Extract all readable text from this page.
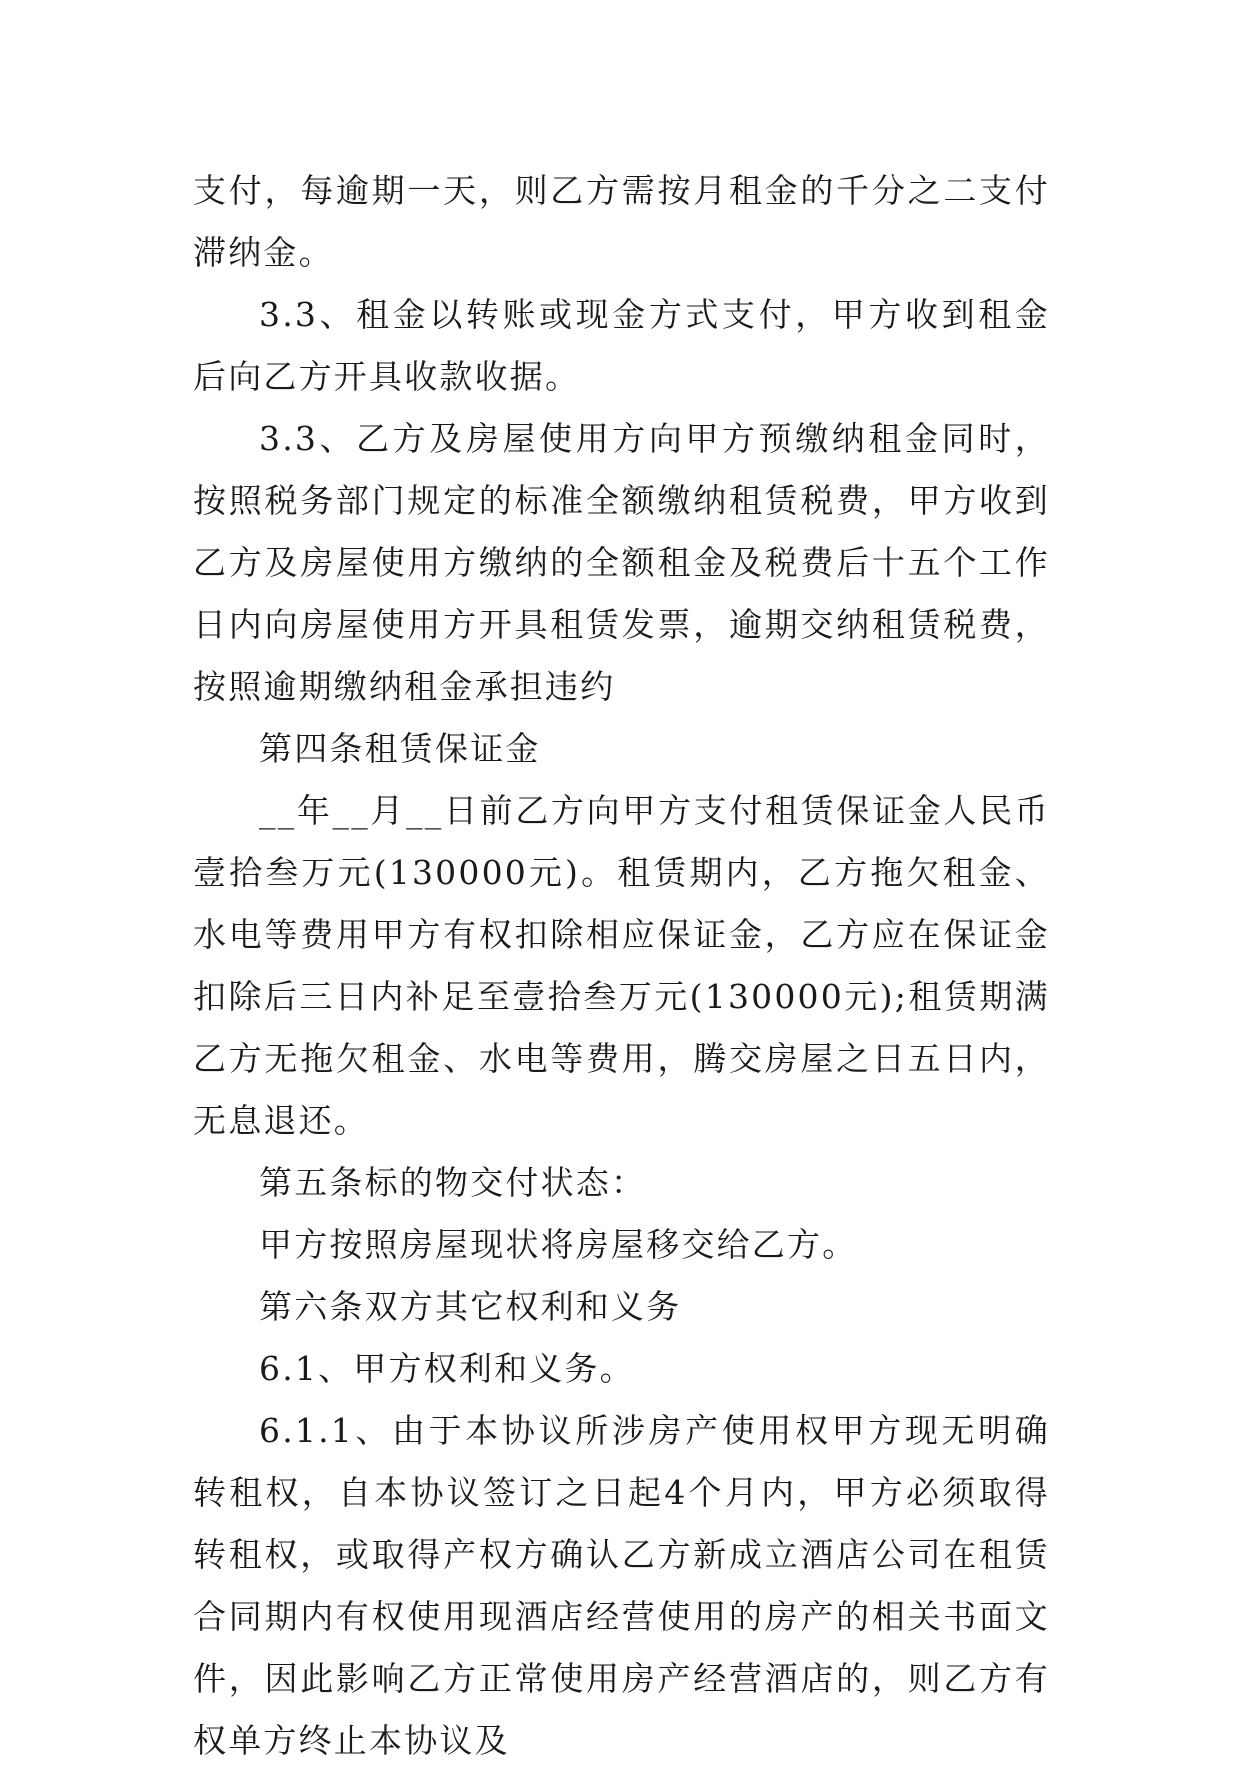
支付，每逾期一天，则乙方需按月租金的千分之二支付滞纳金。

3.3、租金以转账或现金方式支付，甲方收到租金后向乙方开具收款收据。

3.3、乙方及房屋使用方向甲方预缴纳租金同时，按照税务部门规定的标准全额缴纳租赁税费，甲方收到乙方及房屋使用方缴纳的全额租金及税费后十五个工作日内向房屋使用方开具租赁发票，逾期交纳租赁税费，按照逾期缴纳租金承担违约

第四条租赁保证金

__年__月__日前乙方向甲方支付租赁保证金人民币壹拾叁万元(130000元)。租赁期内，乙方拖欠租金、水电等费用甲方有权扣除相应保证金，乙方应在保证金扣除后三日内补足至壹拾叁万元(130000元);租赁期满乙方无拖欠租金、水电等费用，腾交房屋之日五日内，无息退还。

第五条标的物交付状态：

甲方按照房屋现状将房屋移交给乙方。

第六条双方其它权利和义务

6.1、甲方权利和义务。

6.1.1、由于本协议所涉房产使用权甲方现无明确转租权，自本协议签订之日起4个月内，甲方必须取得转租权，或取得产权方确认乙方新成立酒店公司在租赁合同期内有权使用现酒店经营使用的房产的相关书面文件，因此影响乙方正常使用房产经营酒店的，则乙方有权单方终止本协议及
